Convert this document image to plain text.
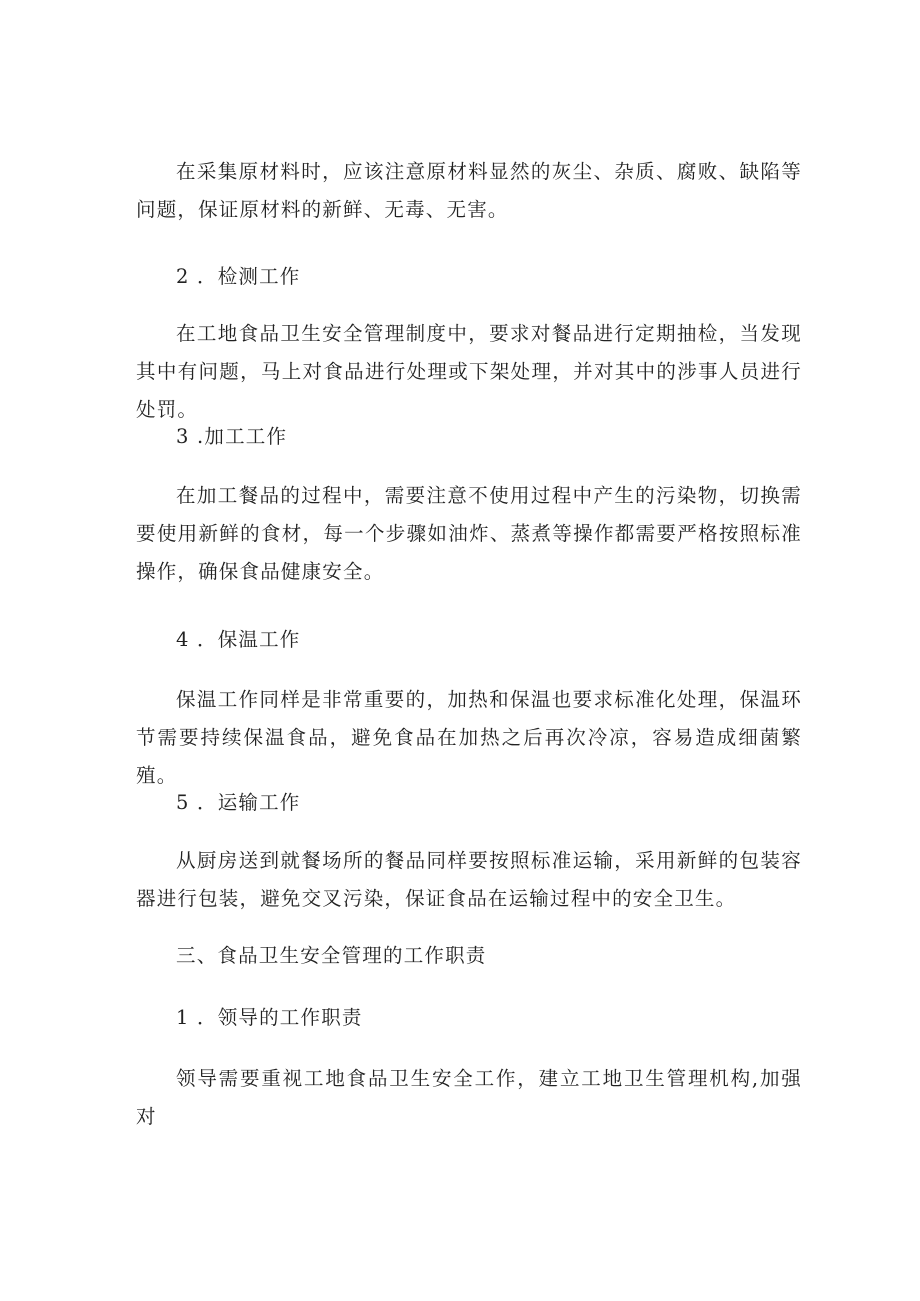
在采集原材料时，应该注意原材料显然的灰尘、杂质、腐败、缺陷等问题，保证原材料的新鲜、无毒、无害。

2 ．检测工作

在工地食品卫生安全管理制度中，要求对餐品进行定期抽检，当发现其中有问题，马上对食品进行处理或下架处理，并对其中的涉事人员进行处罚。

3 .加工工作

在加工餐品的过程中，需要注意不使用过程中产生的污染物，切换需要使用新鲜的食材，每一个步骤如油炸、蒸煮等操作都需要严格按照标准操作，确保食品健康安全。

4 ．保温工作

保温工作同样是非常重要的，加热和保温也要求标准化处理，保温环节需要持续保温食品，避免食品在加热之后再次冷凉，容易造成细菌繁殖。

5 ．运输工作

从厨房送到就餐场所的餐品同样要按照标准运输，采用新鲜的包装容器进行包装，避免交叉污染，保证食品在运输过程中的安全卫生。

三、食品卫生安全管理的工作职责

1 ．领导的工作职责

领导需要重视工地食品卫生安全工作，建立工地卫生管理机构,加强对
